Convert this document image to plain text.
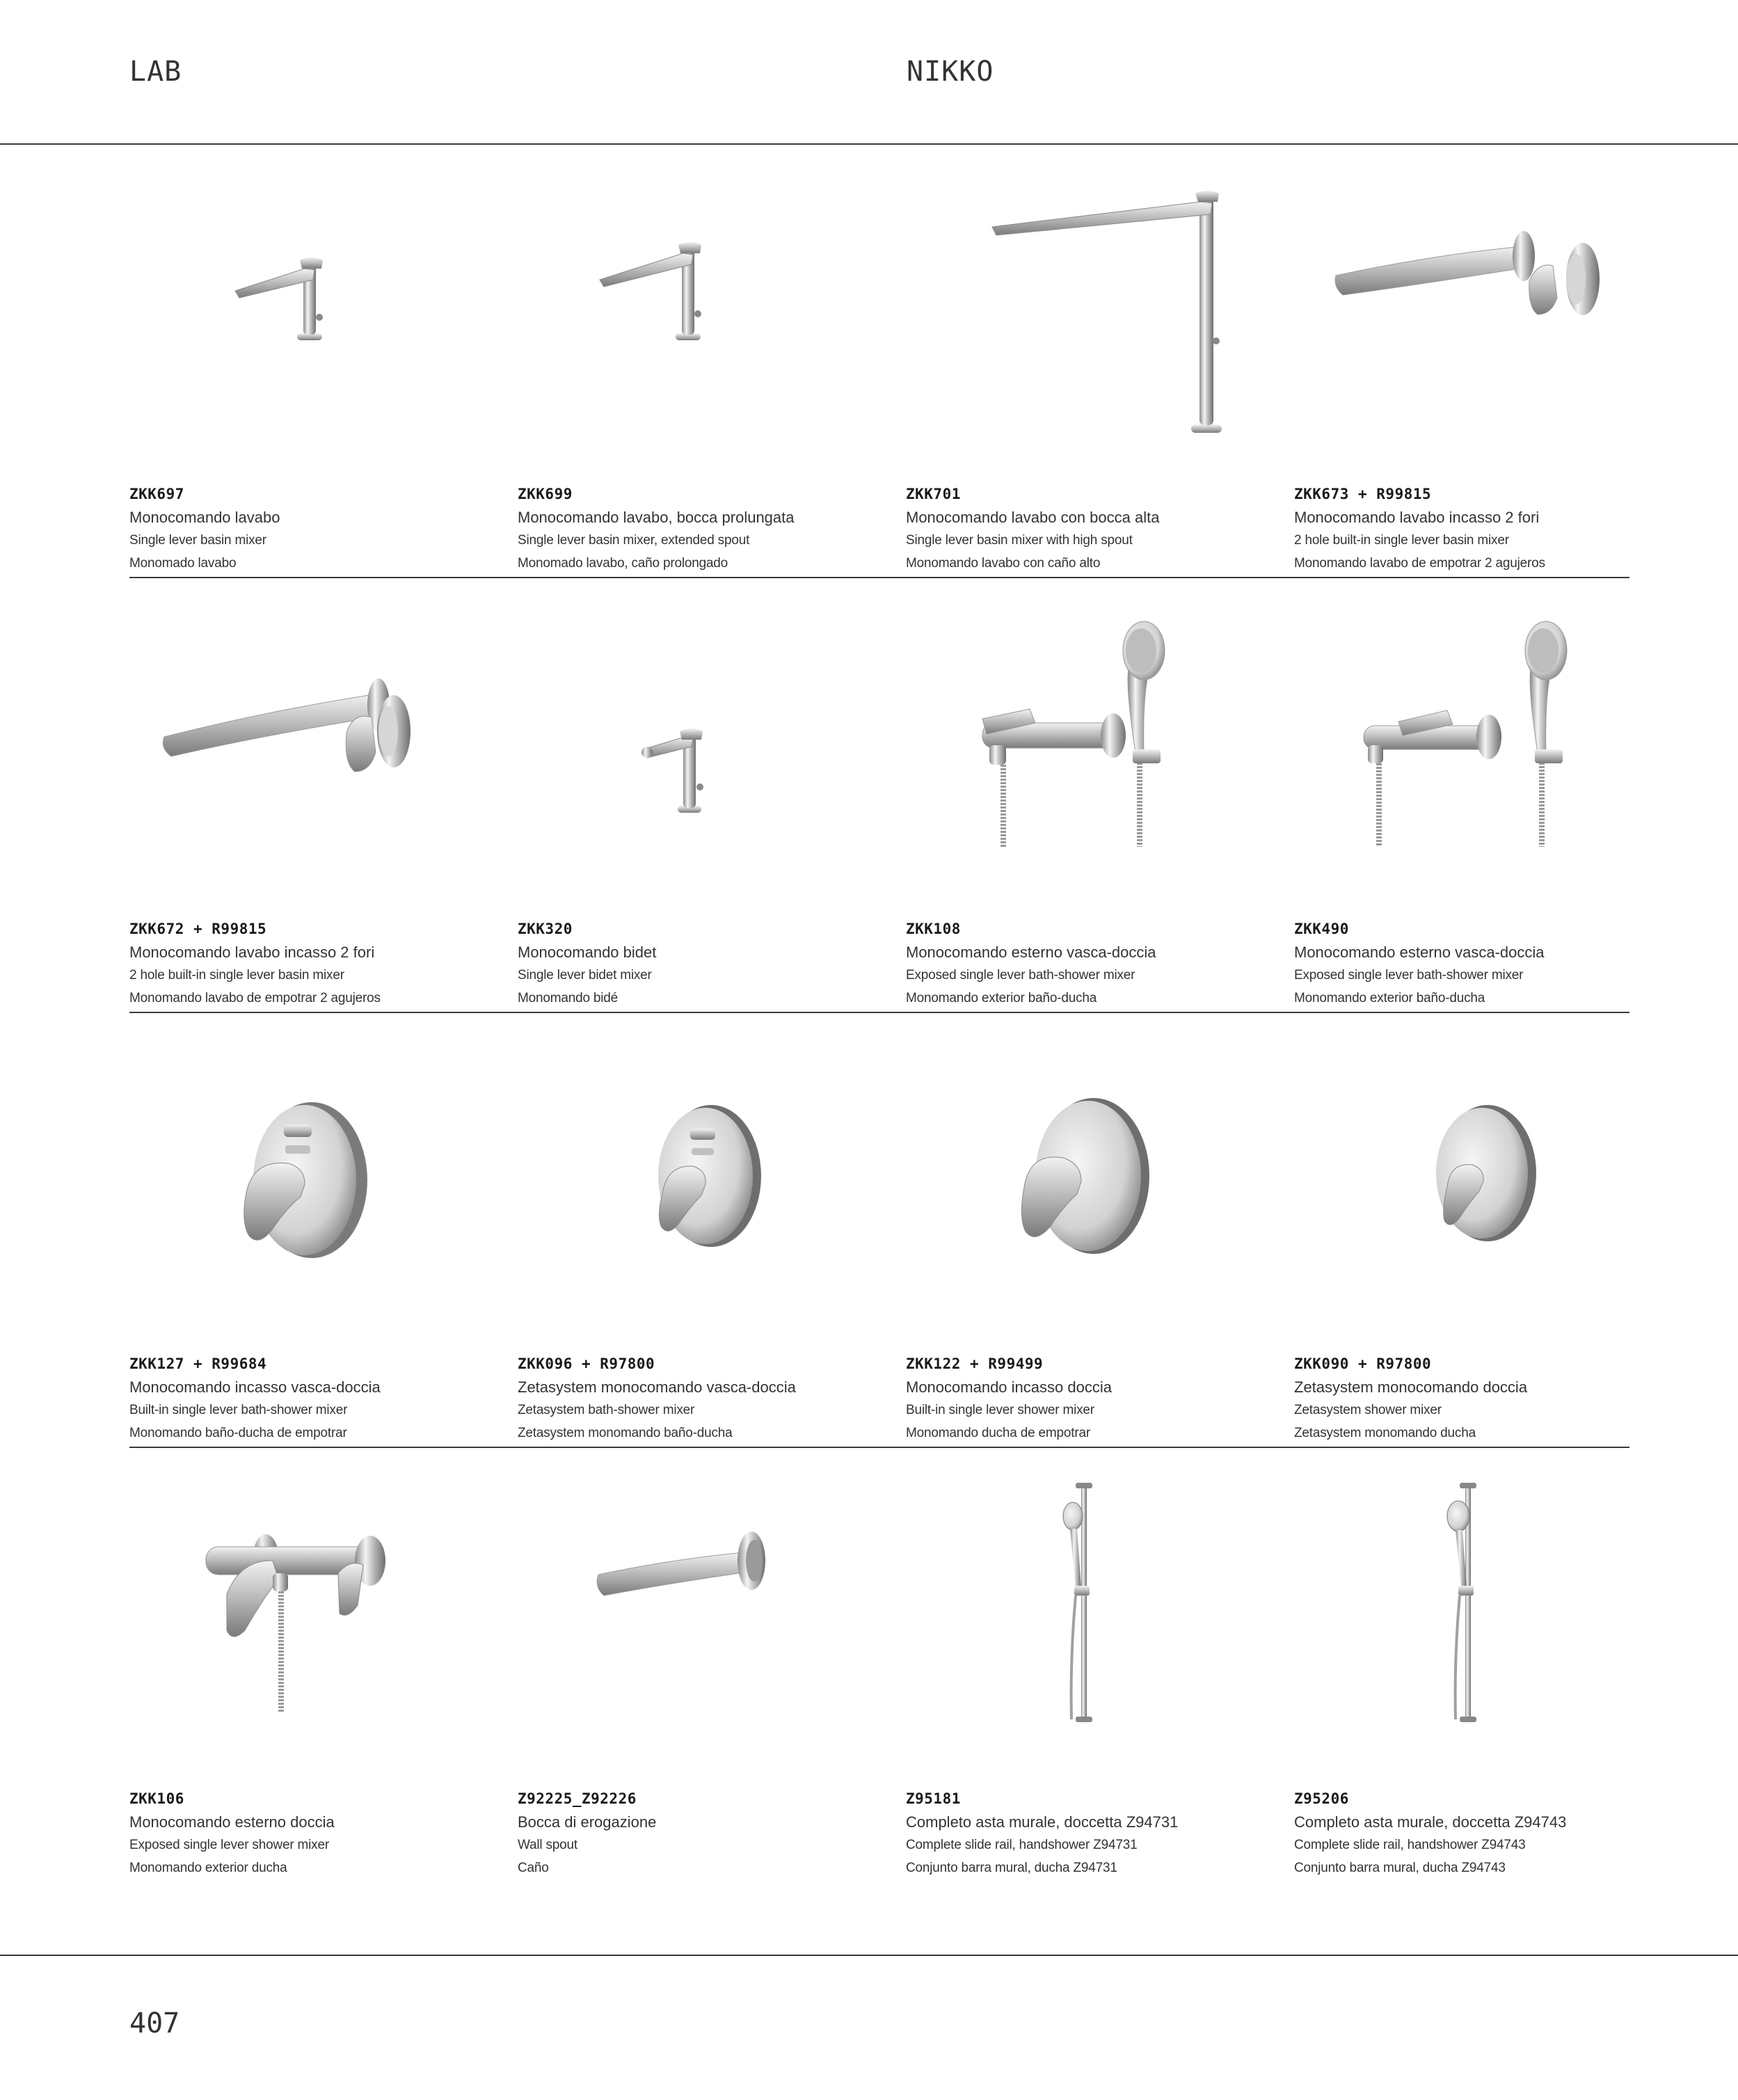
LAB	NIKKO
ZKK697
Monocomando lavabo
Single lever basin mixer
Monomado lavabo
ZKK699
Monocomando lavabo, bocca prolungata
Single lever basin mixer, extended spout
Monomado lavabo, caño prolongado
ZKK701
Monocomando lavabo con bocca alta
Single lever basin mixer with high spout
Monomando lavabo con caño alto
ZKK673 + R99815
Monocomando lavabo incasso 2 fori
2 hole built-in single lever basin mixer
Monomando lavabo de empotrar 2 agujeros
ZKK672 + R99815
Monocomando lavabo incasso 2 fori
2 hole built-in single lever basin mixer
Monomando lavabo de empotrar 2 agujeros
ZKK320
Monocomando bidet
Single lever bidet mixer
Monomando bidé
ZKK108
Monocomando esterno vasca-doccia
Exposed single lever bath-shower mixer
Monomando exterior baño-ducha
ZKK490
Monocomando esterno vasca-doccia
Exposed single lever bath-shower mixer
Monomando exterior baño-ducha
ZKK127 + R99684
Monocomando incasso vasca-doccia
Built-in single lever bath-shower mixer
Monomando baño-ducha de empotrar
ZKK096 + R97800
Zetasystem monocomando vasca-doccia
Zetasystem bath-shower mixer
Zetasystem monomando baño-ducha
ZKK122 + R99499
Monocomando incasso doccia
Built-in single lever shower mixer
Monomando ducha de empotrar
ZKK090 + R97800
Zetasystem monocomando doccia
Zetasystem shower mixer
Zetasystem monomando ducha
ZKK106
Monocomando esterno doccia
Exposed single lever shower mixer
Monomando exterior ducha
Z92225_Z92226
Bocca di erogazione
Wall spout
Caño
Z95181
Completo asta murale, doccetta Z94731
Complete slide rail, handshower Z94731
Conjunto barra mural, ducha Z94731
Z95206
Completo asta murale, doccetta Z94743
Complete slide rail, handshower Z94743
Conjunto barra mural, ducha Z94743
407
